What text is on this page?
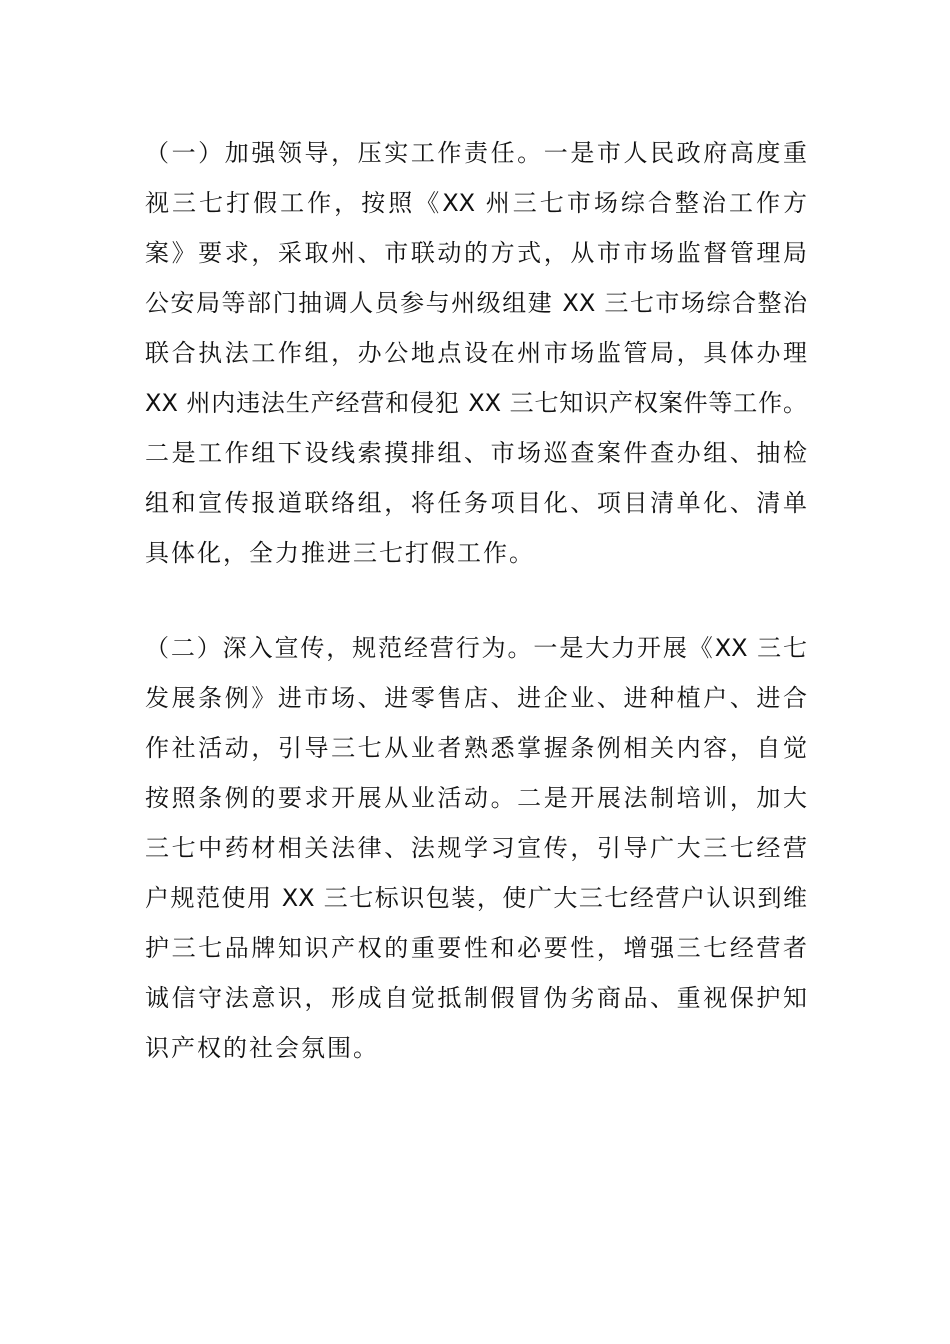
（一）加强领导，压实工作责任。一是市人民政府高度重
视三七打假工作，按照《XX 州三七市场综合整治工作方
案》要求，采取州、市联动的方式，从市市场监督管理局
公安局等部门抽调人员参与州级组建 XX 三七市场综合整治
联合执法工作组，办公地点设在州市场监管局，具体办理
XX 州内违法生产经营和侵犯 XX 三七知识产权案件等工作。
二是工作组下设线索摸排组、市场巡查案件查办组、抽检
组和宣传报道联络组，将任务项目化、项目清单化、清单
具体化，全力推进三七打假工作。
（二）深入宣传，规范经营行为。一是大力开展《XX 三七
发展条例》进市场、进零售店、进企业、进种植户、进合
作社活动，引导三七从业者熟悉掌握条例相关内容，自觉
按照条例的要求开展从业活动。二是开展法制培训，加大
三七中药材相关法律、法规学习宣传，引导广大三七经营
户规范使用 XX 三七标识包装，使广大三七经营户认识到维
护三七品牌知识产权的重要性和必要性，增强三七经营者
诚信守法意识，形成自觉抵制假冒伪劣商品、重视保护知
识产权的社会氛围。
